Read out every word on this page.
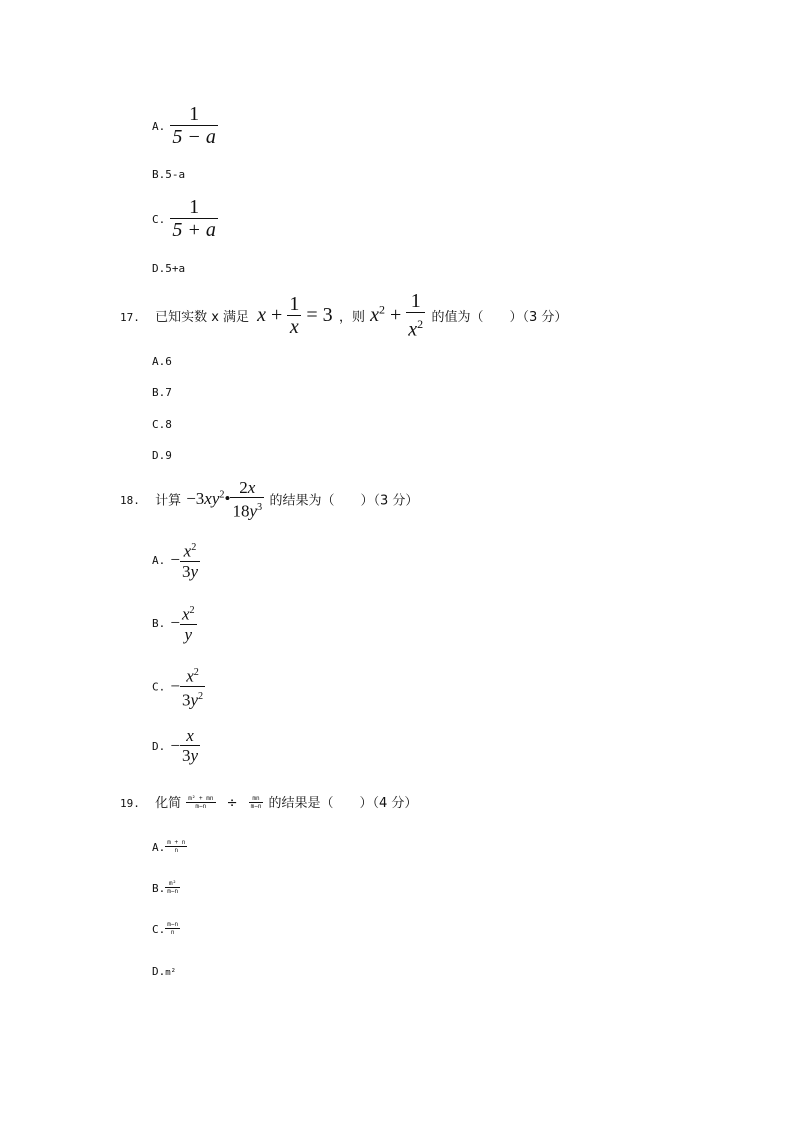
A. $\frac{1}{5 - a}$
B.5-a
C. $\frac{1}{5 + a}$
D.5+a
17. 已知实数 x 满足 $x + \frac{1}{x} = 3$ ，则 $x^2 + \frac{1}{x^2}$ 的值为（　　）（3 分）
A.6
B.7
C.8
D.9
18. 计算 $-3xy^2• \frac{2x}{18y^3}$ 的结果为（　　）（3 分）
A. − $\frac{x^2}{3y}$
B. − $\frac{x^2}{y}$
C. − $\frac{x^2}{3y^2}$
D. − $\frac{x}{3y}$
19. 化简 $\frac{\text{m² + mn}}{m-n} \div \frac{mn}{m-n}$ 的结果是（　　）（4 分）
A. $\frac{m + n}{n}$
B. $\frac{\text{m²}}{m-n}$
C. $\frac{m-n}{n}$
D.m²
